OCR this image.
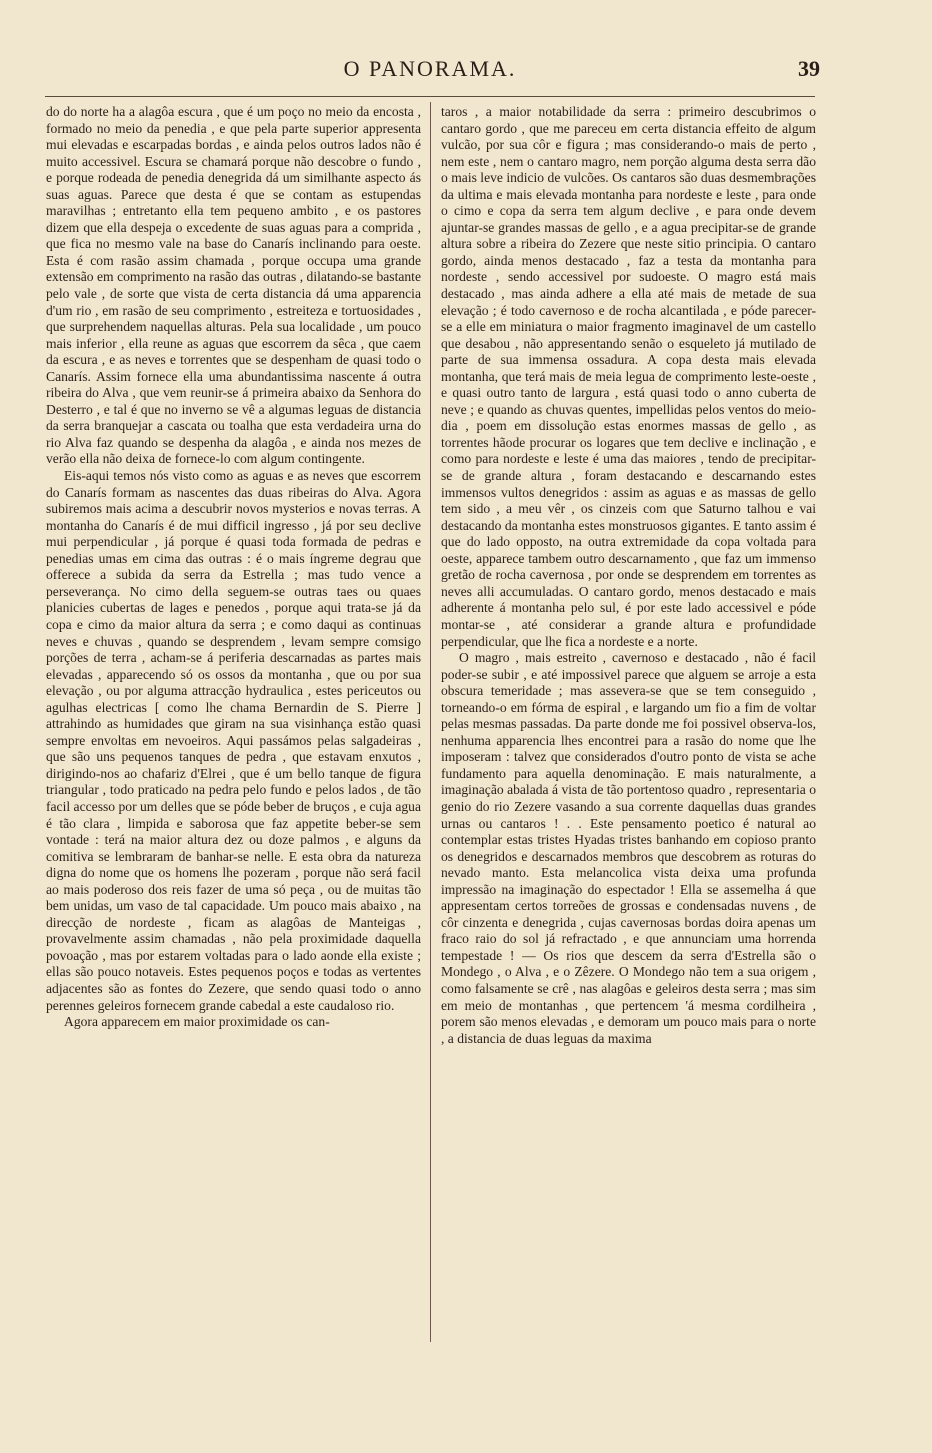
O PANORAMA.	39

do do norte ha a alagôa escura , que é um poço no meio da encosta , formado no meio da penedia , e que pela parte superior appresenta mui elevadas e escarpadas bordas , e ainda pelos outros lados não é muito accessivel. Escura se chamará porque não descobre o fundo , e porque rodeada de penedia denegrida dá um similhante aspecto ás suas aguas. Parece que desta é que se contam as estupendas maravilhas ; entretanto ella tem pequeno ambito , e os pastores dizem que ella despeja o excedente de suas aguas para a comprida , que fica no mesmo vale na base do Canarís inclinando para oeste. Esta é com rasão assim chamada , porque occupa uma grande extensão em comprimento na rasão das outras , dilatando-se bastante pelo vale , de sorte que vista de certa distancia dá uma apparencia d'um rio , em rasão de seu comprimento , estreiteza e tortuosidades , que surprehendem naquellas alturas. Pela sua localidade , um pouco mais inferior , ella reune as aguas que escorrem da sêca , que caem da escura , e as neves e torrentes que se despenham de quasi todo o Canarís. Assim fornece ella uma abundantissima nascente á outra ribeira do Alva , que vem reunir-se á primeira abaixo da Senhora do Desterro , e tal é que no inverno se vê a algumas leguas de distancia da serra branquejar a cascata ou toalha que esta verdadeira urna do rio Alva faz quando se despenha da alagôa , e ainda nos mezes de verão ella não deixa de fornece-lo com algum contingente.

Eis-aqui temos nós visto como as aguas e as neves que escorrem do Canarís formam as nascentes das duas ribeiras do Alva. Agora subiremos mais acima a descubrir novos mysterios e novas terras. A montanha do Canarís é de mui difficil ingresso , já por seu declive mui perpendicular , já porque é quasi toda formada de pedras e penedias umas em cima das outras : é o mais íngreme degrau que offerece a subida da serra da Estrella ; mas tudo vence a perseverança. No cimo della seguem-se outras taes ou quaes planicies cubertas de lages e penedos , porque aqui trata-se já da copa e cimo da maior altura da serra ; e como daqui as continuas neves e chuvas , quando se desprendem , levam sempre comsigo porções de terra , acham-se á periferia descarnadas as partes mais elevadas , apparecendo só os ossos da montanha , que ou por sua elevação , ou por alguma attracção hydraulica , estes periceutos ou agulhas electricas [ como lhe chama Bernardin de S. Pierre ] attrahindo as humidades que giram na sua visinhança estão quasi sempre envoltas em nevoeiros. Aqui passámos pelas salgadeiras , que são uns pequenos tanques de pedra , que estavam enxutos , dirigindo-nos ao chafariz d'Elrei , que é um bello tanque de figura triangular , todo praticado na pedra pelo fundo e pelos lados , de tão facil accesso por um delles que se póde beber de bruços , e cuja agua é tão clara , limpida e saborosa que faz appetite beber-se sem vontade : terá na maior altura dez ou doze palmos , e alguns da comitiva se lembraram de banhar-se nelle. E esta obra da natureza digna do nome que os homens lhe pozeram , porque não será facil ao mais poderoso dos reis fazer de uma só peça , ou de muitas tão bem unidas, um vaso de tal capacidade. Um pouco mais abaixo , na direcção de nordeste , ficam as alagôas de Manteigas , provavelmente assim chamadas , não pela proximidade daquella povoação , mas por estarem voltadas para o lado aonde ella existe ; ellas são pouco notaveis. Estes pequenos poços e todas as vertentes adjacentes são as fontes do Zezere, que sendo quasi todo o anno perennes geleiros fornecem grande cabedal a este caudaloso rio.

Agora apparecem em maior proximidade os can-

taros , a maior notabilidade da serra : primeiro descubrimos o cantaro gordo , que me pareceu em certa distancia effeito de algum vulcão, por sua côr e figura ; mas considerando-o mais de perto , nem este , nem o cantaro magro, nem porção alguma desta serra dão o mais leve indicio de vulcões. Os cantaros são duas desmembrações da ultima e mais elevada montanha para nordeste e leste , para onde o cimo e copa da serra tem algum declive , e para onde devem ajuntar-se grandes massas de gello , e a agua precipitar-se de grande altura sobre a ribeira do Zezere que neste sitio principia. O cantaro gordo, ainda menos destacado , faz a testa da montanha para nordeste , sendo accessivel por sudoeste. O magro está mais destacado , mas ainda adhere a ella até mais de metade de sua elevação ; é todo cavernoso e de rocha alcantilada , e póde parecer-se a elle em miniatura o maior fragmento imaginavel de um castello que desabou , não appresentando senão o esqueleto já mutilado de parte de sua immensa ossadura. A copa desta mais elevada montanha, que terá mais de meia legua de comprimento leste-oeste , e quasi outro tanto de largura , está quasi todo o anno cuberta de neve ; e quando as chuvas quentes, impellidas pelos ventos do meio-dia , poem em dissolução estas enormes massas de gello , as torrentes hãode procurar os logares que tem declive e inclinação , e como para nordeste e leste é uma das maiores , tendo de precipitar-se de grande altura , foram destacando e descarnando estes immensos vultos denegridos : assim as aguas e as massas de gello tem sido , a meu vêr , os cinzeis com que Saturno talhou e vai destacando da montanha estes monstruosos gigantes. E tanto assim é que do lado opposto, na outra extremidade da copa voltada para oeste, apparece tambem outro descarnamento , que faz um immenso gretão de rocha cavernosa , por onde se desprendem em torrentes as neves alli accumuladas. O cantaro gordo, menos destacado e mais adherente á montanha pelo sul, é por este lado accessivel e póde montar-se , até considerar a grande altura e profundidade perpendicular, que lhe fica a nordeste e a norte.

O magro , mais estreito , cavernoso e destacado , não é facil poder-se subir , e até impossivel parece que alguem se arroje a esta obscura temeridade ; mas assevera-se que se tem conseguido , torneando-o em fórma de espiral , e largando um fio a fim de voltar pelas mesmas passadas. Da parte donde me foi possivel observa-los, nenhuma apparencia lhes encontrei para a rasão do nome que lhe imposeram : talvez que considerados d'outro ponto de vista se ache fundamento para aquella denominação. E mais naturalmente, a imaginação abalada á vista de tão portentoso quadro , representaria o genio do rio Zezere vasando a sua corrente daquellas duas grandes urnas ou cantaros ! . . Este pensamento poetico é natural ao contemplar estas tristes Hyadas tristes banhando em copioso pranto os denegridos e descarnados membros que descobrem as roturas do nevado manto. Esta melancolica vista deixa uma profunda impressão na imaginação do espectador ! Ella se assemelha á que appresentam certos torreões de grossas e condensadas nuvens , de côr cinzenta e denegrida , cujas cavernosas bordas doira apenas um fraco raio do sol já refractado , e que annunciam uma horrenda tempestade ! — Os rios que descem da serra d'Estrella são o Mondego , o Alva , e o Zêzere. O Mondego não tem a sua origem , como falsamente se crê , nas alagôas e geleiros desta serra ; mas sim em meio de montanhas , que pertencem 'á mesma cordilheira , porem são menos elevadas , e demoram um pouco mais para o norte , a distancia de duas leguas da maxima
